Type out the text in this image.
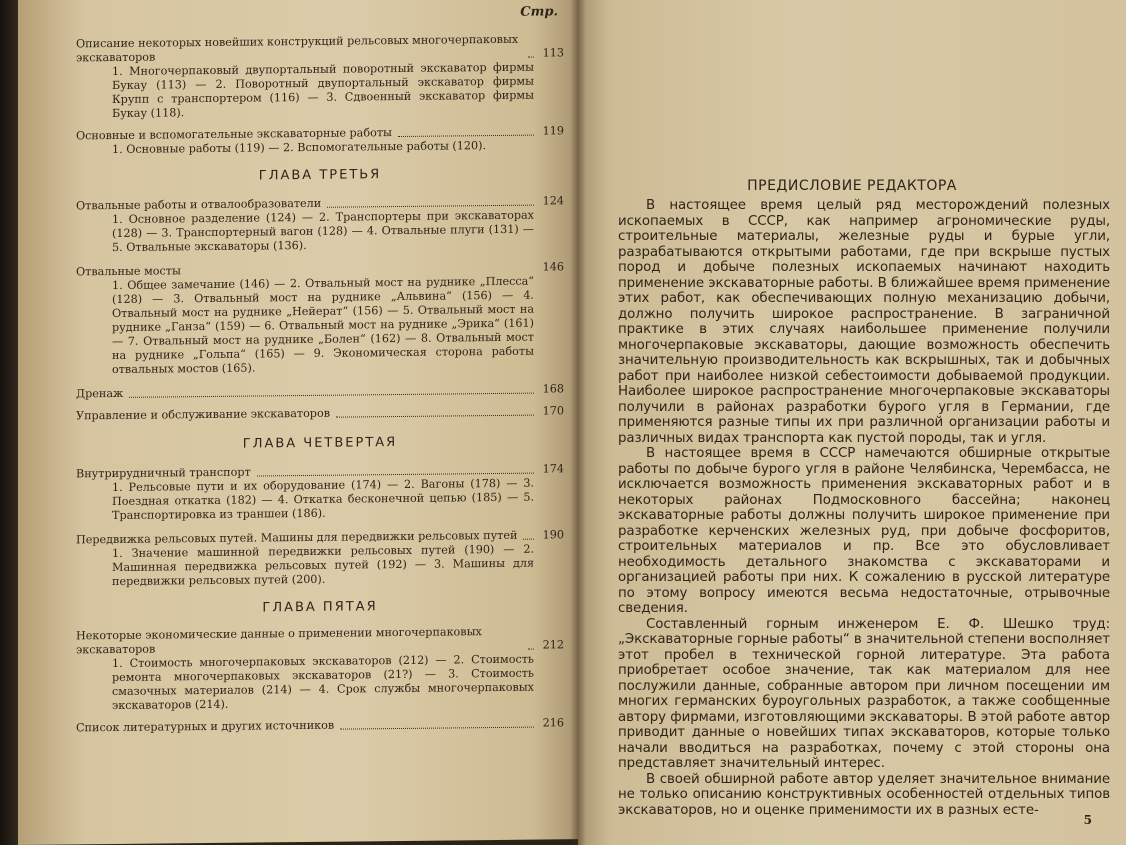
Стр.
Описание некоторых новейших конструкций рельсовых многочерпаковых экскаваторов	113
1. Многочерпаковый двупортальный поворотный экскаватор фирмы Букау (113) — 2. Поворотный двупортальный экскаватор фирмы Крупп с транспортером (116) — 3. Сдвоенный экскаватор фирмы Букау (118).
Основные и вспомогательные экскаваторные работы	119
1. Основные работы (119) — 2. Вспомогательные работы (120).
ГЛАВА ТРЕТЬЯ
Отвальные работы и отвалообразователи	124
1. Основное разделение (124) — 2. Транспортеры при экскаваторах (128) — 3. Транспортерный вагон (128) — 4. Отвальные плуги (131) — 5. Отвальные экскаваторы (136).
Отвальные мосты	146
1. Общее замечание (146) — 2. Отвальный мост на руднике „Плесса“ (128) — 3. Отвальный мост на руднике „Альвина“ (156) — 4. Отвальный мост на руднике „Нейерат“ (156) — 5. Отвальный мост на руднике „Ганза“ (159) — 6. Отвальный мост на руднике „Эрика“ (161) — 7. Отвальный мост на руднике „Болен“ (162) — 8. Отвальный мост на руднике „Гольпа“ (165) — 9. Экономическая сторона работы отвальных мостов (165).
Дренаж	168
Управление и обслуживание экскаваторов	170
ГЛАВА ЧЕТВЕРТАЯ
Внутрирудничный транспорт	174
1. Рельсовые пути и их оборудование (174) — 2. Вагоны (178) — 3. Поездная откатка (182) — 4. Откатка бесконечной цепью (185) — 5. Транспортировка из траншеи (186).
Передвижка рельсовых путей. Машины для передвижки рельсовых путей	190
1. Значение машинной передвижки рельсовых путей (190) — 2. Машинная передвижка рельсовых путей (192) — 3. Машины для передвижки рельсовых путей (200).
ГЛАВА ПЯТАЯ
Некоторые экономические данные о применении многочерпаковых экскаваторов	212
1. Стоимость многочерпаковых экскаваторов (212) — 2. Стоимость ремонта многочерпаковых экскаваторов (21?) — 3. Стоимость смазочных материалов (214) — 4. Срок службы многочерпаковых экскаваторов (214).
Список литературных и других источников	216
ПРЕДИСЛОВИЕ РЕДАКТОРА

В настоящее время целый ряд месторождений полезных ископаемых в СССР, как например агрономические руды, строительные материалы, железные руды и бурые угли, разрабатываются открытыми работами, где при вскрыше пустых пород и добыче полезных ископаемых начинают находить применение экскаваторные работы. В ближайшее время применение этих работ, как обеспечивающих полную механизацию добычи, должно получить широкое распространение. В заграничной практике в этих случаях наибольшее применение получили многочерпаковые экскаваторы, дающие возможность обеспечить значительную производительность как вскрышных, так и добычных работ при наиболее низкой себестоимости добываемой продукции. Наиболее широкое распространение многочерпаковые экскаваторы получили в районах разработки бурого угля в Германии, где применяются разные типы их при различной организации работы и различных видах транспорта как пустой породы, так и угля.

В настоящее время в СССР намечаются обширные открытые работы по добыче бурого угля в районе Челябинска, Черембасса, не исключается возможность применения экскаваторных работ и в некоторых районах Подмосковного бассейна; наконец экскаваторные работы должны получить широкое применение при разработке керченских железных руд, при добыче фосфоритов, строительных материалов и пр. Все это обусловливает необходимость детального знакомства с экскаваторами и организацией работы при них. К сожалению в русской литературе по этому вопросу имеются весьма недостаточные, отрывочные сведения.

Составленный горным инженером Е. Ф. Шешко труд: „Экскаваторные горные работы“ в значительной степени восполняет этот пробел в технической горной литературе. Эта работа приобретает особое значение, так как материалом для нее послужили данные, собранные автором при личном посещении им многих германских буроугольных разработок, а также сообщенные автору фирмами, изготовляющими экскаваторы. В этой работе автор приводит данные о новейших типах экскаваторов, которые только начали вводиться на разработках, почему с этой стороны она представляет значительный интерес.

В своей обширной работе автор уделяет значительное внимание не только описанию конструктивных особенностей отдельных типов экскаваторов, но и оценке применимости их в разных есте-

5
